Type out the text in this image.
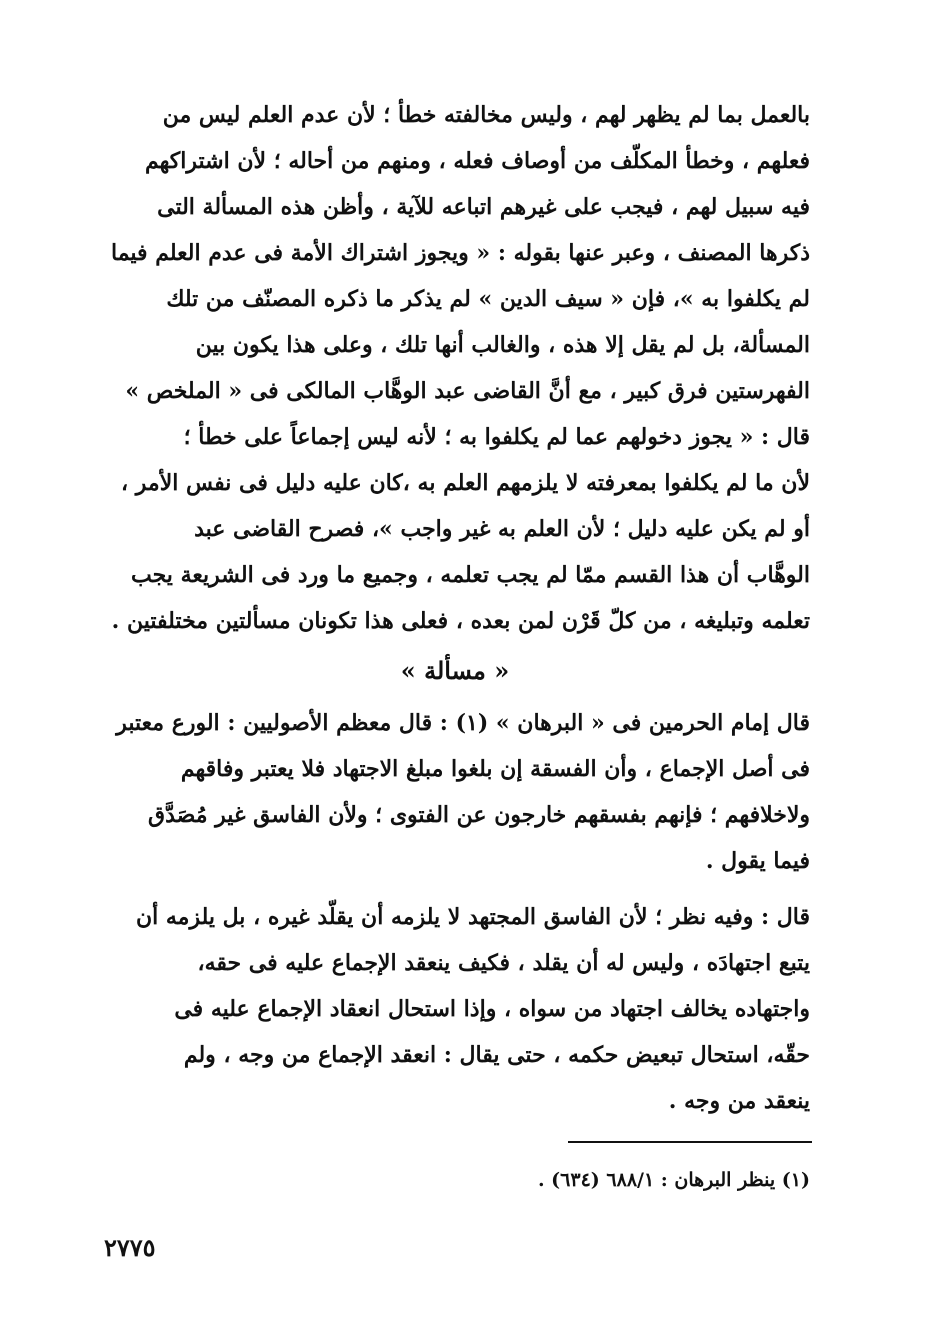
بالعمل بما لم يظهر لهم ، وليس مخالفته خطأ ؛ لأن عدم العلم ليس من
فعلهم ، وخطأ المكلّف من أوصاف فعله ، ومنهم من أحاله ؛ لأن اشتراكهم
فيه سبيل لهم ، فيجب على غيرهم اتباعه للآية ، وأظن هذه المسألة التى
ذكرها المصنف ، وعبر عنها بقوله : « ويجوز اشتراك الأمة فى عدم العلم فيما
لم يكلفوا به »، فإن « سيف الدين » لم يذكر ما ذكره المصنّف من تلك
المسألة، بل لم يقل إلا هذه ، والغالب أنها تلك ، وعلى هذا يكون بين
الفهرستين فرق كبير ، مع أنَّ القاضى عبد الوهَّاب المالكى فى « الملخص »
قال : « يجوز دخولهم عما لم يكلفوا به ؛ لأنه ليس إجماعاً على خطأ ؛
لأن ما لم يكلفوا بمعرفته لا يلزمهم العلم به ،كان عليه دليل فى نفس الأمر ،
أو لم يكن عليه دليل ؛ لأن العلم به غير واجب »، فصرح القاضى عبد
الوهَّاب أن هذا القسم ممّا لم يجب تعلمه ، وجميع ما ورد فى الشريعة يجب
تعلمه وتبليغه ، من كلّ قَرْن لمن بعده ، فعلى هذا تكونان مسألتين مختلفتين .
« مسألة »
قال إمام الحرمين فى « البرهان » (١) : قال معظم الأصوليين : الورع معتبر
فى أصل الإجماع ، وأن الفسقة إن بلغوا مبلغ الاجتهاد فلا يعتبر وفاقهم
ولاخلافهم ؛ فإنهم بفسقهم خارجون عن الفتوى ؛ ولأن الفاسق غير مُصَدَّق
فيما يقول .
قال : وفيه نظر ؛ لأن الفاسق المجتهد لا يلزمه أن يقلّد غيره ، بل يلزمه أن
يتبع اجتهادَه ، وليس له أن يقلد ، فكيف ينعقد الإجماع عليه فى حقه،
واجتهاده يخالف اجتهاد من سواه ، وإذا استحال انعقاد الإجماع عليه فى
حقّه، استحال تبعيض حكمه ، حتى يقال : انعقد الإجماع من وجه ، ولم
ينعقد من وجه .
(١) ينظر البرهان : ٦٨٨/١ (٦٣٤) .
٢٧٧٥
